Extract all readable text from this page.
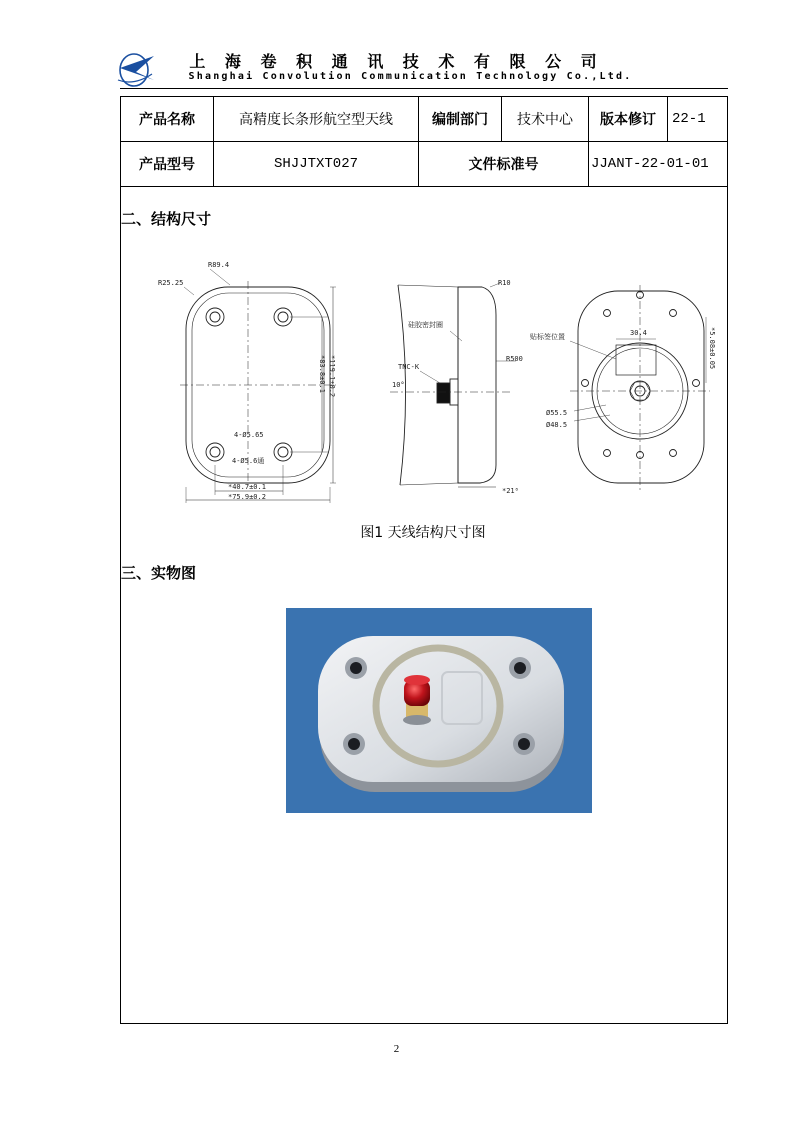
上 海 卷 积 通 讯 技 术 有 限 公 司
Shanghai Convolution Communication Technology Co.,Ltd.
产品名称	高精度长条形航空型天线	编制部门	技术中心	版本修订	22-1
产品型号	SHJJTXT027	文件标准号		JJANT-22-01-01	
二、结构尺寸
R25.25
R89.4
*83.8±0.1 *119.1±0.2
4-Ø5.65
4-Ø5.6通
*40.7±0.1
*75.9±0.2
R10
R500
硅胶密封圈
TNC-K
10°
*21⁰
贴标签位置	30.4	*5.08±0.05
Ø55.5
Ø48.5
图1 天线结构尺寸图
三、实物图
2
